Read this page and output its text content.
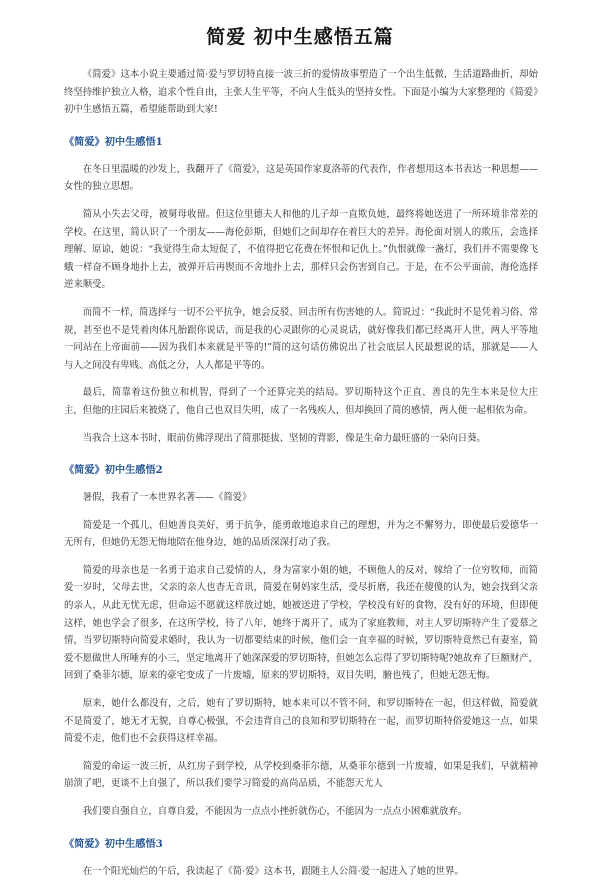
简爱 初中生感悟五篇

《简爱》这本小说主要通过简·爱与罗切特直接一波三折的爱情故事塑造了一个出生低微，生活道路曲折，却始终坚持维护独立人格，追求个性自由，主张人生平等，不向人生低头的坚持女性。下面是小编为大家整理的《简爱》初中生感悟五篇，希望能帮助到大家!

《简爱》初中生感悟1

在冬日里温暖的沙发上，我翻开了《简爱》，这是英国作家夏洛蒂的代表作，作者想用这本书表达一种思想——女性的独立思想。

简从小失去父母，被舅母收留。但这位里德夫人和他的儿子却一直欺负她，最终将她送进了一所环境非常差的学校。在这里，简认识了一个朋友——海伦彭斯，但她们之间却存在着巨大的差异。海伦面对别人的欺压，会选择理解、原谅，她说：“我觉得生命太短促了，不值得把它花费在怀恨和记仇上。”仇恨就像一盏灯，我们并不需要像飞蛾一样奋不顾身地扑上去，被弹开后再锲而不舍地扑上去，那样只会伤害到自己。于是，在不公平面前，海伦选择逆来顺受。

而简不一样，简选择与一切不公平抗争，她会反驳、回击所有伤害她的人。简说过：“我此时不是凭着习俗、常规，甚至也不是凭着肉体凡胎跟你说话，而是我的心灵跟你的心灵说话，就好像我们都已经离开人世，两人平等地一同站在上帝面前——因为我们本来就是平等的!”简的这句话仿佛说出了社会底层人民最想说的话，那就是——人与人之间没有卑贱、高低之分，人人都是平等的。

最后，简靠着这份独立和机智，得到了一个还算完美的结局。罗切斯特这个正直、善良的先生本来是位大庄主，但他的庄园后来被烧了，他自己也双目失明，成了一名残疾人，但却换回了简的感情，两人便一起相依为命。

当我合上这本书时，眼前仿佛浮现出了简那挺拔、坚韧的背影，像是生命力最旺盛的一朵向日葵。

《简爱》初中生感悟2

暑假，我看了一本世界名著——《简爱》

简爱是一个孤儿，但她善良美好，勇于抗争，能勇敢地追求自己的理想，并为之不懈努力，即使最后爱德华一无所有，但她仍无怨无悔地陪在他身边，她的品质深深打动了我。

简爱的母亲也是一名勇于追求自己爱情的人，身为富家小姐的她，不顾他人的反对，嫁给了一位穷牧师，而简爱一岁时，父母去世，父亲的亲人也杳无音讯，简爱在舅妈家生活，受尽折磨，我还在傻傻的认为，她会找到父亲的亲人，从此无忧无虑，但命运不愿就这样放过她，她被送进了学校，学校没有好的食物，没有好的环境，但即便这样，她也学会了很多，在这所学校，待了八年，她终于离开了，成为了家庭教师，对主人罗切斯特产生了爱慕之情，当罗切斯特向简爱求婚时，我认为一切都要结束的时候，他们会一直幸福的时候，罗切斯特竟然已有妻室，简爱不愿做世人所唾弃的小三，坚定地离开了她深深爱的罗切斯特，但她怎么忘得了罗切斯特呢?她故弃了巨额财产，回到了桑菲尔德，原来的豪宅变成了一片废墟，原来的罗切斯特，双目失明，腑也残了，但她无怨无悔。

原来，她什么都没有，之后，她有了罗切斯特，她本来可以不管不问，和罗切斯特在一起，但这样做，简爱就不是简爱了，她无才无貌，自尊心极强，不会违背自己的良知和罗切斯特在一起，而罗切斯特俗爱她这一点，如果简爱不走，他们也不会获得这样幸福。

简爱的命运一波三折，从红房子到学校，从学校到桑菲尔德，从桑菲尔德到一片废墟，如果是我们，早就精神崩溃了吧，更谈不上自强了，所以我们要学习简爱的高尚品质，不能怨天尤人

我们要自强自立，自尊自爱，不能因为一点点小挫折就伤心，不能因为一点点小困难就放弃。

《简爱》初中生感悟3

在一个阳光灿烂的午后，我读起了《简·爱》这本书，跟随主人公简·爱一起进入了她的世界。
